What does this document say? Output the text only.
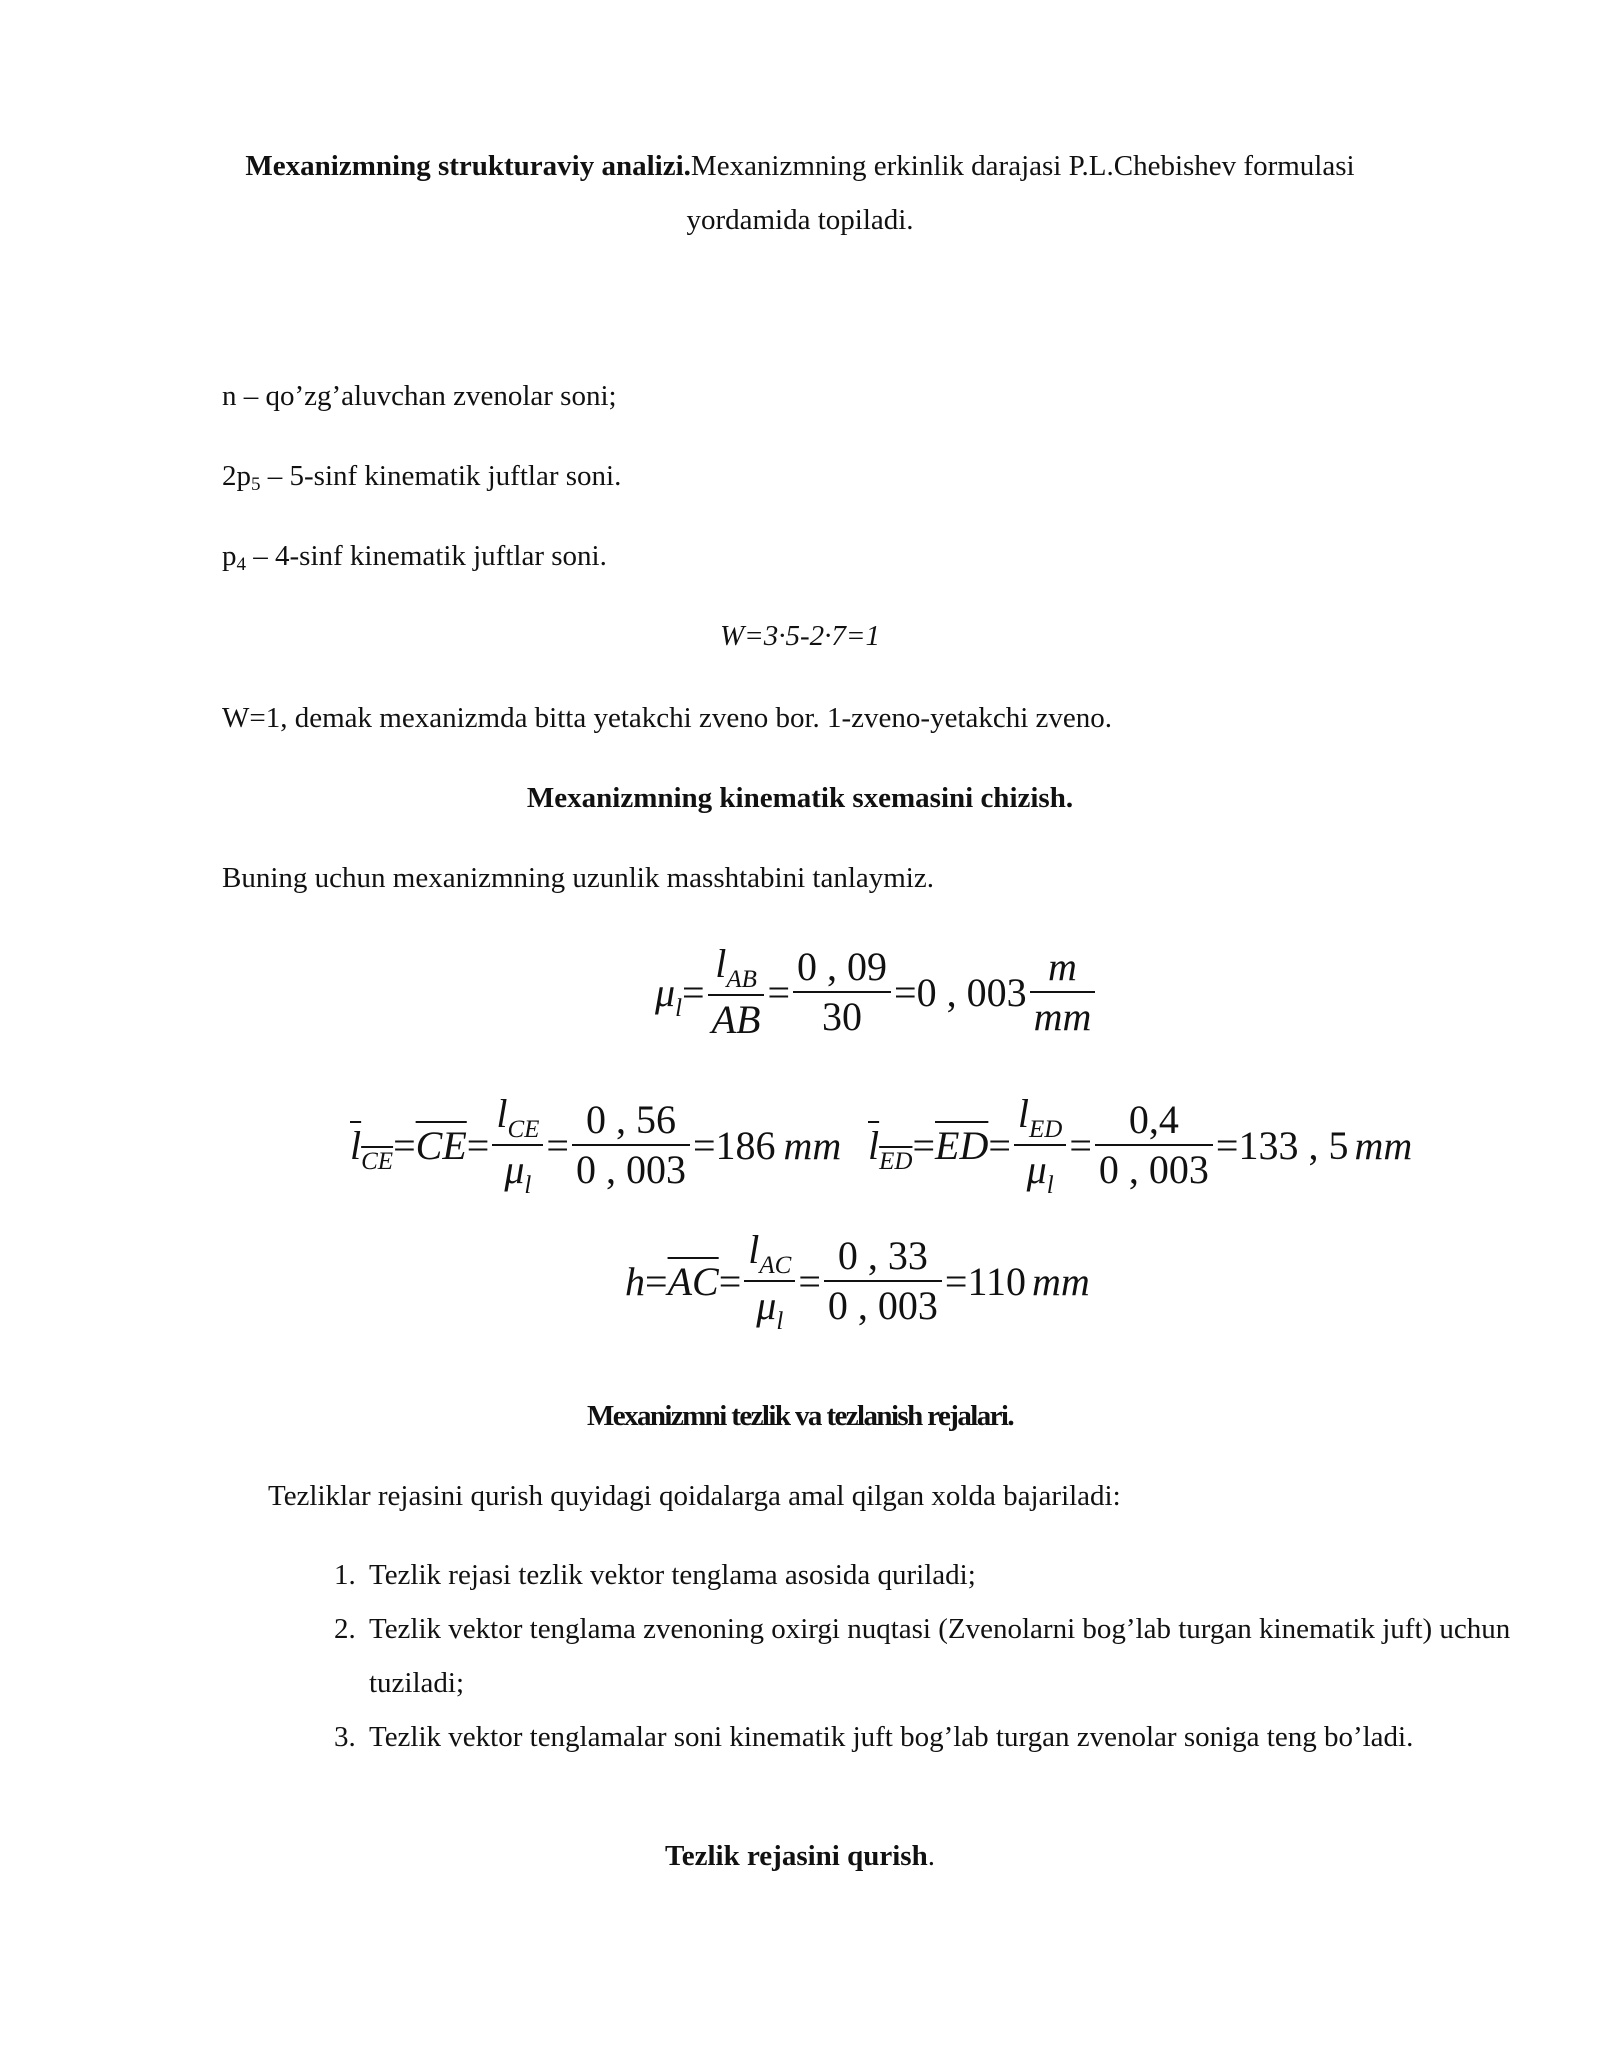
Mexanizmning strukturaviy analizi.Mexanizmning erkinlik darajasi P.L.Chebishev formulasi
yordamida topiladi.
n – qo’zg’aluvchan zvenolar soni;
$2p_5 - 5-\sin f$ kinematik juftlar soni.
$p_4 - 4-\sin f$ kinematik juftlar soni.
W=3·5-2·7=1
W=1, demak mexanizmda bitta yetakchi zveno bor. 1-zveno-yetakchi zveno.
Mexanizmning kinematik sxemasini chizish.
Buning uchun mexanizmning uzunlik masshtabini tanlaymiz.
$\mu_l= \frac{l_{AB}}{AB} = \frac{0 , 09}{30} =0$ , $003 \frac{m}{mm}$
$l_{CE}=\overline{CE}= \frac{l_{CE}}{\mu_l} = \frac{0 , 56}{0 , 003} =186$ mm $l_{ED}=\overline{ED}= \frac{l_{ED}}{\mu_l} = \frac{0,4}{0 , 003} =133$ , 5 mm
$h=\overline{AC}= \frac{l_{AC}}{\mu_l} = \frac{0 , 33}{0 , 003} =110$ mm
Mexanizmni tezlik va tezlanish rejalari.
Tezliklar rejasini qurish quyidagi qoidalarga amal qilgan xolda bajariladi:
1. Tezlik rejasi tezlik vektor tenglama asosida quriladi;
2. Tezlik vektor tenglama zvenoning oxirgi nuqtasi (Zvenolarni bog’lab turgan kinematik juft) uchun tuziladi;
3. Tezlik vektor tenglamalar soni kinematik juft bog’lab turgan zvenolar soniga teng bo’ladi.
Tezlik rejasini qurish.
